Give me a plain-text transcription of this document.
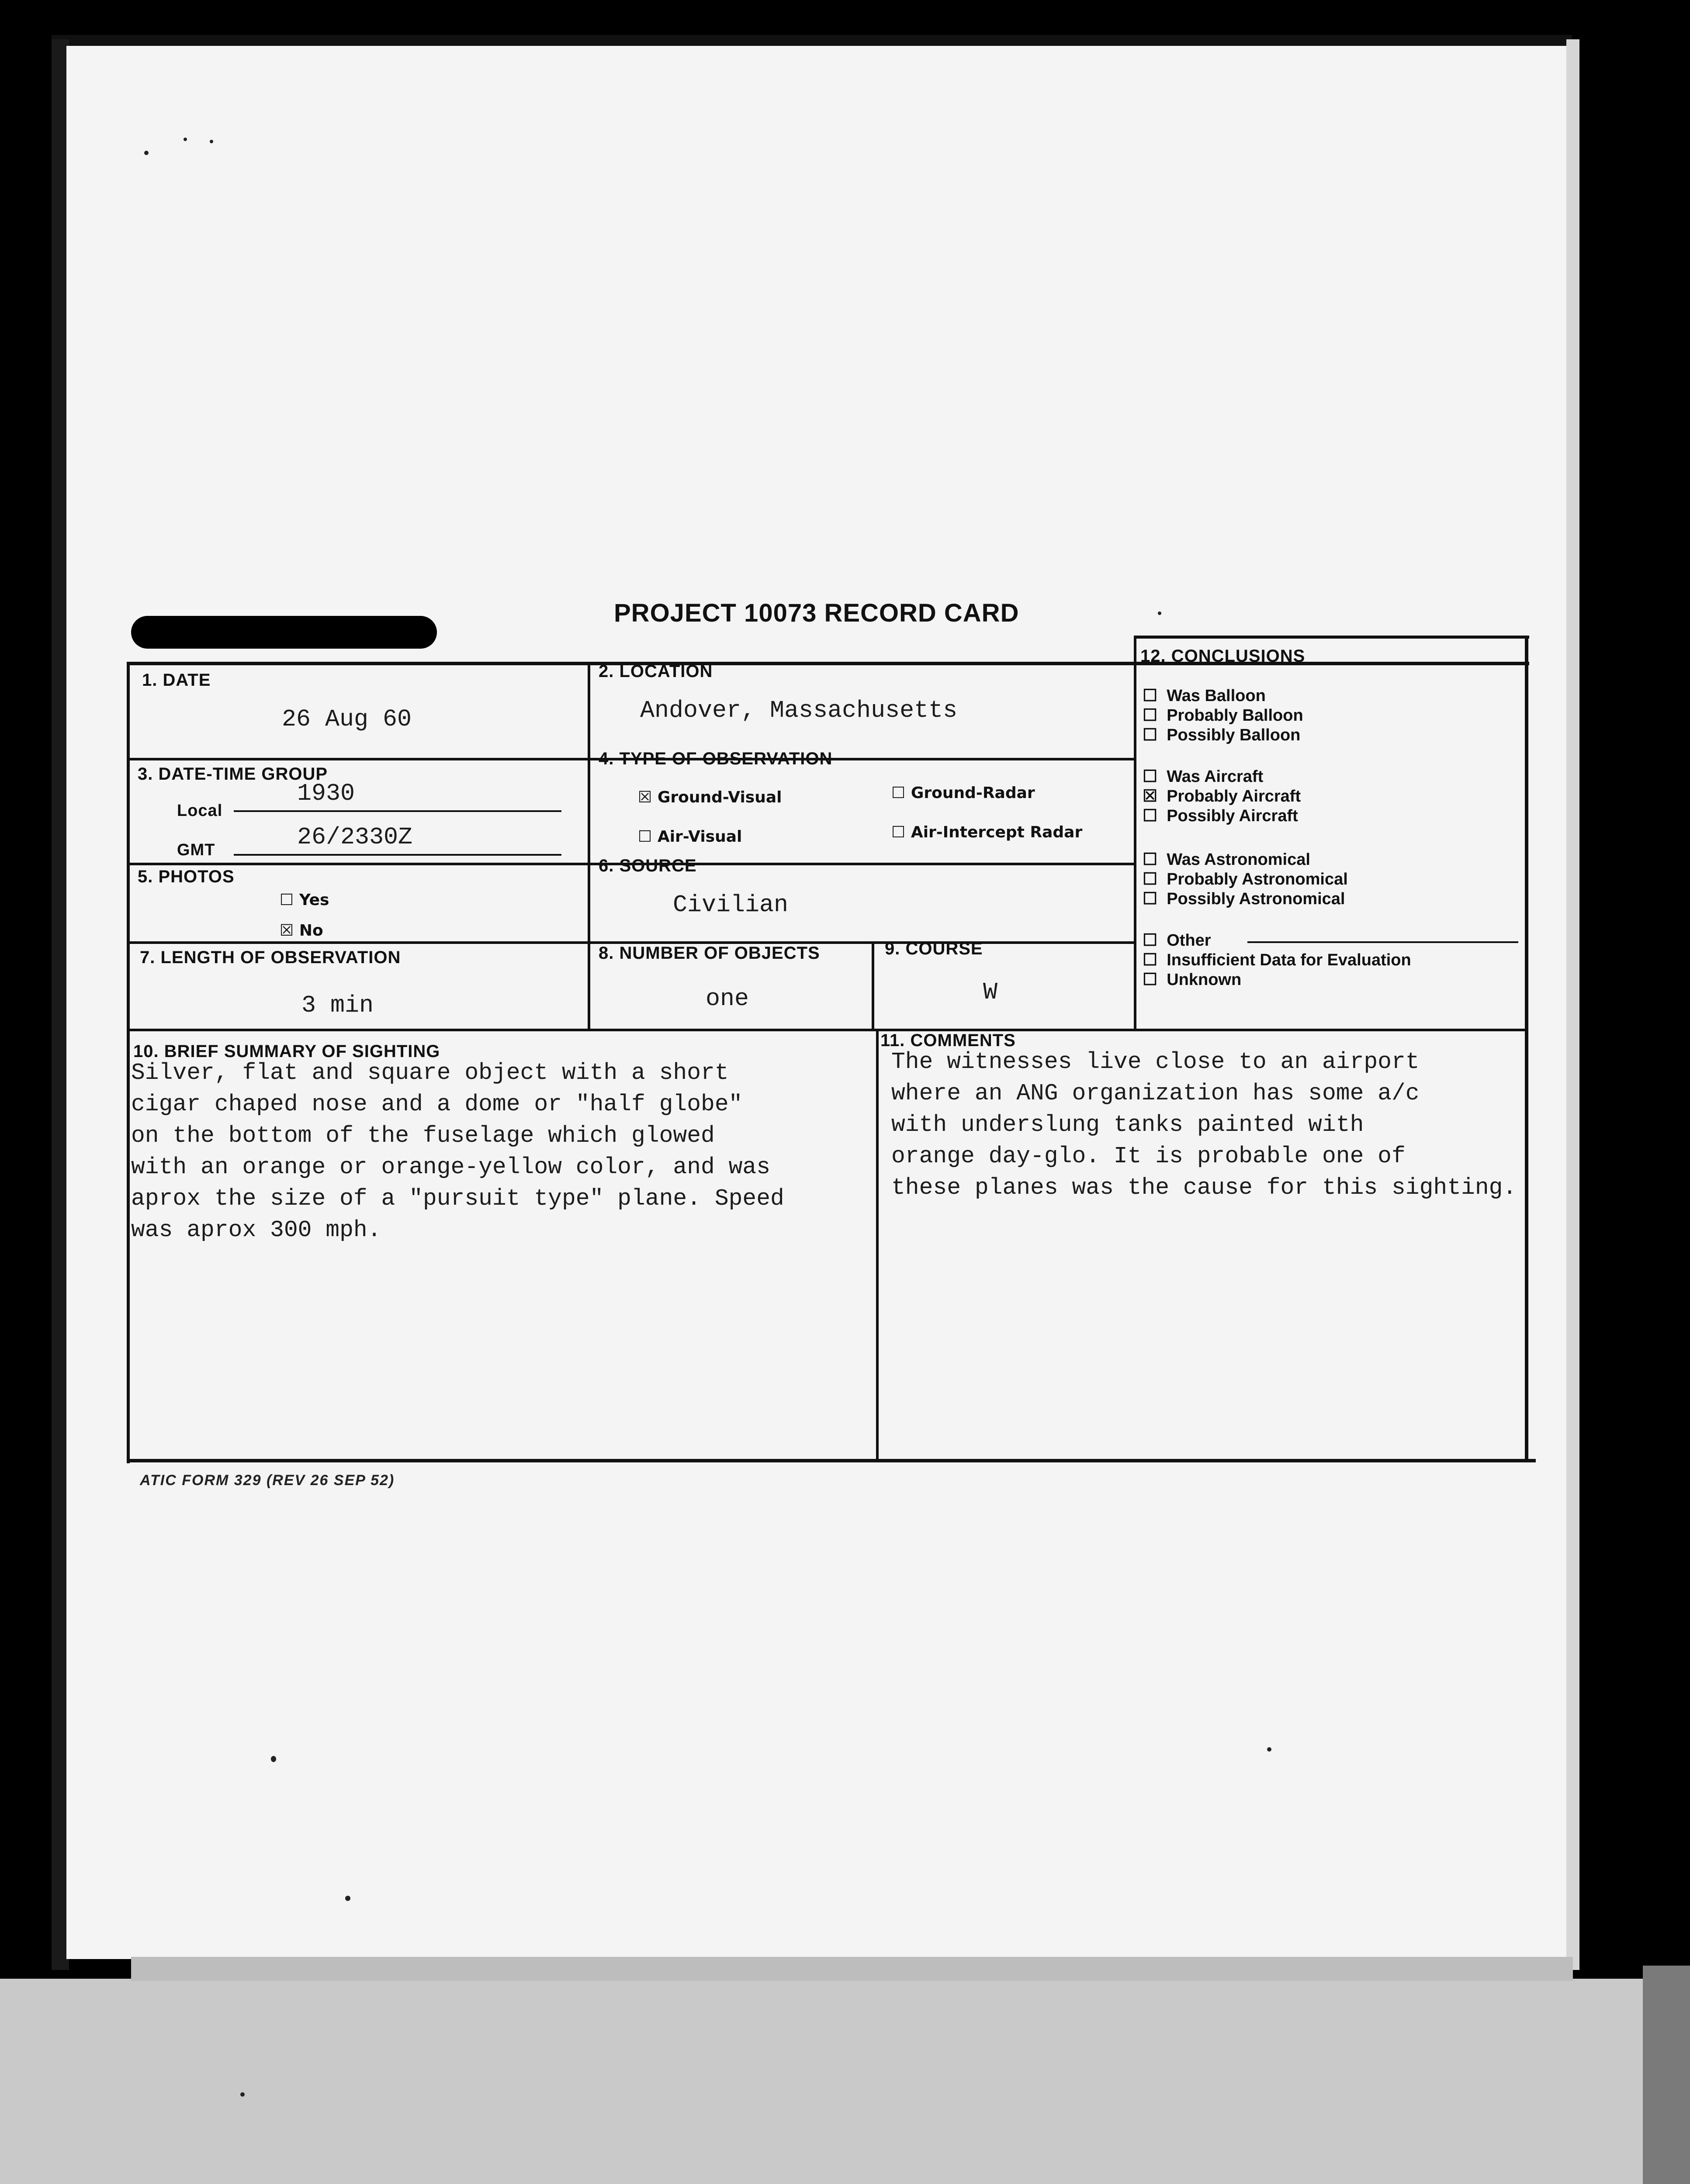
PROJECT 10073 RECORD CARD
1. DATE
26 Aug 60
2. LOCATION
Andover, Massachusetts
3. DATE-TIME GROUP
Local
1930
GMT	26/2330Z
4. TYPE OF OBSERVATION
☒ Ground-Visual	☐ Ground-Radar
☐ Air-Visual	☐ Air-Intercept Radar
5. PHOTOS
☐ Yes
☒ No
6. SOURCE
Civilian
7. LENGTH OF OBSERVATION
3 min
8. NUMBER OF OBJECTS
one
9. COURSE
W
12. CONCLUSIONS
☐ Was Balloon
☐ Probably Balloon
☐ Possibly Balloon
☐ Was Aircraft
☒ Probably Aircraft
☐ Possibly Aircraft
☐ Was Astronomical
☐ Probably Astronomical
☐ Possibly Astronomical
☐ Other
☐ Insufficient Data for Evaluation
☐ Unknown
10. BRIEF SUMMARY OF SIGHTING
Silver, flat and square object with a short
cigar chaped nose and a dome or "half globe"
on the bottom of the fuselage which glowed
with an orange or orange-yellow color, and was
aprox the size of a "pursuit type" plane. Speed
was aprox 300 mph.
11. COMMENTS
The witnesses live close to an airport
where an ANG organization has some a/c
with underslung tanks painted with
orange day-glo. It is probable one of
these planes was the cause for this sighting.
ATIC FORM 329 (REV 26 SEP 52)
